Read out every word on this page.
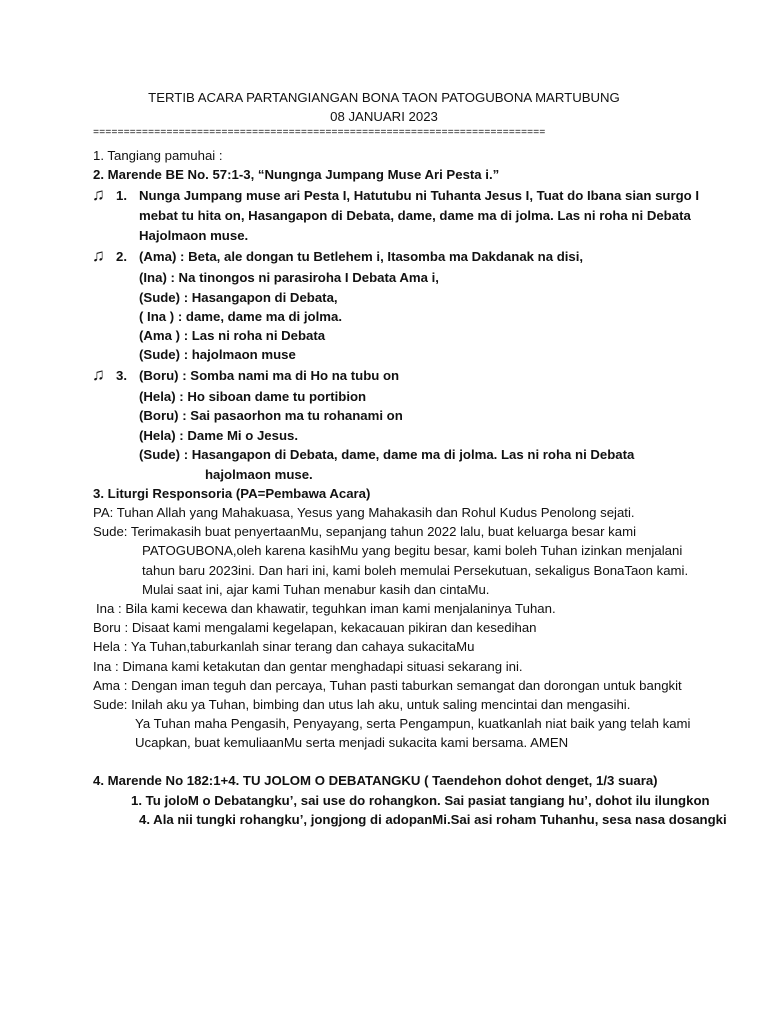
TERTIB ACARA PARTANGIANGAN BONA TAON PATOGUBONA MARTUBUNG
08 JANUARI 2023
==========================================================================
1. Tangiang pamuhai :
2. Marende BE No. 57:1-3, “Nungnga Jumpang Muse Ari Pesta i.”
♫ 1. Nunga Jumpang muse ari Pesta I, Hatutubu ni Tuhanta Jesus I, Tuat do Ibana sian surgo I
mebat tu hita on, Hasangapon di Debata, dame, dame ma di jolma. Las ni roha ni Debata
Hajolmaon muse.
♫ 2. (Ama) : Beta, ale dongan tu Betlehem i, Itasomba ma Dakdanak na disi,
(Ina) : Na tinongos ni parasiroha I Debata Ama i,
(Sude) : Hasangapon di Debata,
( Ina ) : dame, dame ma di jolma.
(Ama ) : Las ni roha ni Debata
(Sude) : hajolmaon muse
♫ 3. (Boru) : Somba nami ma di Ho na tubu on
(Hela) : Ho siboan dame tu portibion
(Boru) : Sai pasaorhon ma tu rohanami on
(Hela) : Dame Mi o Jesus.
(Sude) : Hasangapon di Debata, dame, dame ma di jolma. Las ni roha ni Debata
hajolmaon muse.
3. Liturgi Responsoria (PA=Pembawa Acara)
PA: Tuhan Allah yang Mahakuasa, Yesus yang Mahakasih dan Rohul Kudus Penolong sejati.
Sude: Terimakasih buat penyertaanMu, sepanjang tahun 2022 lalu, buat keluarga besar kami
PATOGUBONA,oleh karena kasihMu yang begitu besar, kami boleh Tuhan izinkan menjalani
tahun baru 2023ini. Dan hari ini, kami boleh memulai Persekutuan, sekaligus BonaTaon kami.
Mulai saat ini, ajar kami Tuhan menabur kasih dan cintaMu.
Ina : Bila kami kecewa dan khawatir, teguhkan iman kami menjalaninya Tuhan.
Boru : Disaat kami mengalami kegelapan, kekacauan pikiran dan kesedihan
Hela : Ya Tuhan,taburkanlah sinar terang dan cahaya sukacitaMu
Ina : Dimana kami ketakutan dan gentar menghadapi situasi sekarang ini.
Ama : Dengan iman teguh dan percaya, Tuhan pasti taburkan semangat dan dorongan untuk bangkit
Sude: Inilah aku ya Tuhan, bimbing dan utus lah aku, untuk saling mencintai dan mengasihi.
Ya Tuhan maha Pengasih, Penyayang, serta Pengampun, kuatkanlah niat baik yang telah kami
Ucapkan, buat kemuliaanMu serta menjadi sukacita kami bersama. AMEN
4. Marende No 182:1+4. TU JOLOM O DEBATANGKU ( Taendehon dohot denget, 1/3 suara)
1. Tu joloM o Debatangku’, sai use do rohangkon. Sai pasiat tangiang hu’, dohot ilu ilungkon
4. Ala nii tungki rohangku’, jongjong di adopanMi.Sai asi roham Tuhanhu, sesa nasa dosangki
